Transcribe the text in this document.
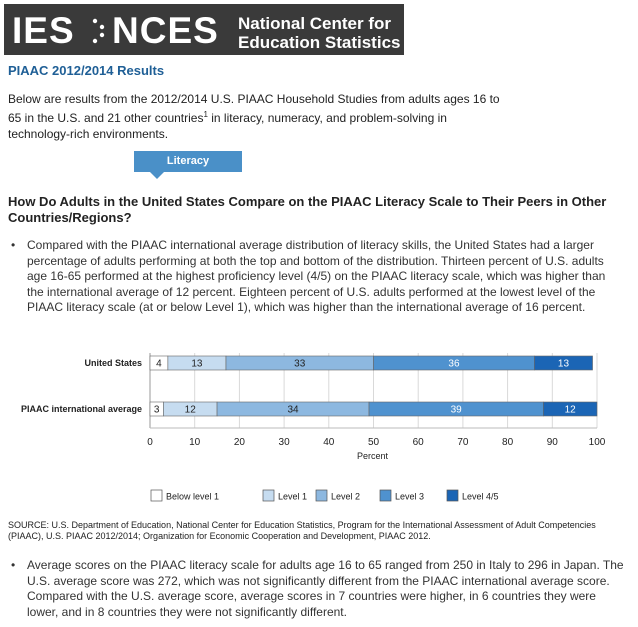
IES NCES National Center for
Education Statistics
PIAAC 2012/2014 Results
Below are results from the 2012/2014 U.S. PIAAC Household Studies from adults ages 16 to 65 in the U.S. and 21 other countries$^1$ in literacy, numeracy, and problem-solving in technology-rich environments.
Literacy
How Do Adults in the United States Compare on the PIAAC Literacy Scale to Their Peers in Other Countries/Regions?
• Compared with the PIAAC international average distribution of literacy skills, the United States had a larger percentage of adults performing at both the top and bottom of the distribution. Thirteen percent of U.S. adults age 16-65 performed at the highest proficiency level (4/5) on the PIAAC literacy scale, which was higher than the international average of 12 percent. Eighteen percent of U.S. adults performed at the lowest level of the PIAAC literacy scale (at or below Level 1), which was higher than the international average of 16 percent.
0	10	20	30	40	50	60	70	80	90	100
Percent
United States 4	13	33	36	13
PIAAC international average 3	12	34	39	12
Below level 1	Level 1	Level 2	Level 3	Level 4/5
SOURCE: U.S. Department of Education, National Center for Education Statistics, Program for the International Assessment of Adult Competencies (PIAAC), U.S. PIAAC 2012/2014; Organization for Economic Cooperation and Development, PIAAC 2012.
• Average scores on the PIAAC literacy scale for adults age 16 to 65 ranged from 250 in Italy to 296 in Japan. The U.S. average score was 272, which was not significantly different from the PIAAC international average score. Compared with the U.S. average score, average scores in 7 countries were higher, in 6 countries they were lower, and in 8 countries they were not significantly different.
